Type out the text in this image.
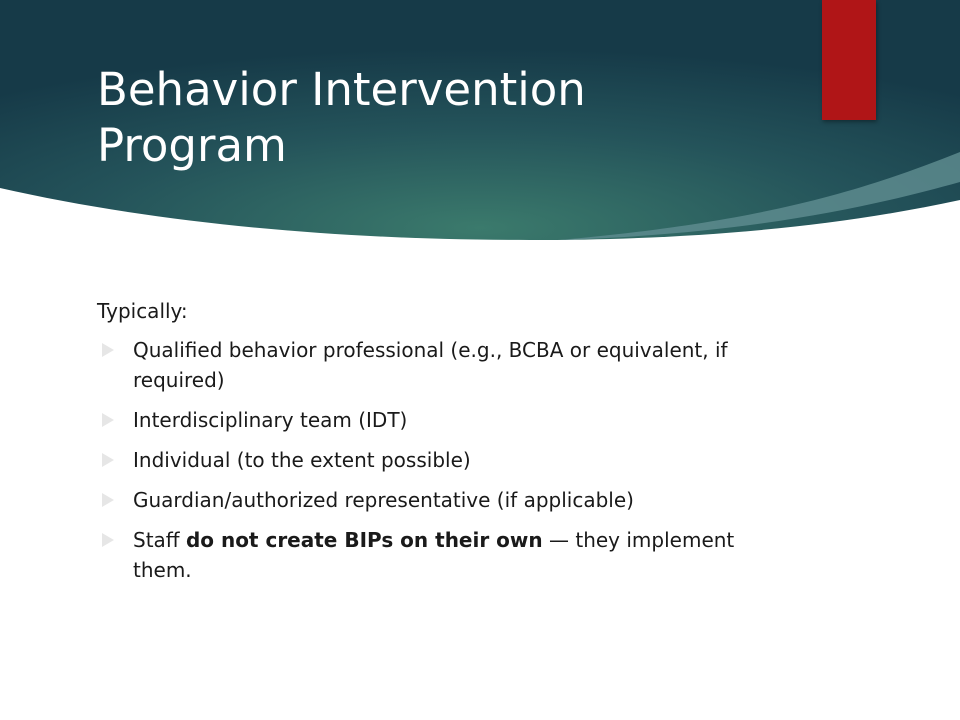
Behavior Intervention
Program

Typically:

Qualified behavior professional (e.g., BCBA or equivalent, if required)
Interdisciplinary team (IDT)
Individual (to the extent possible)
Guardian/authorized representative (if applicable)
Staff do not create BIPs on their own — they implement them.
